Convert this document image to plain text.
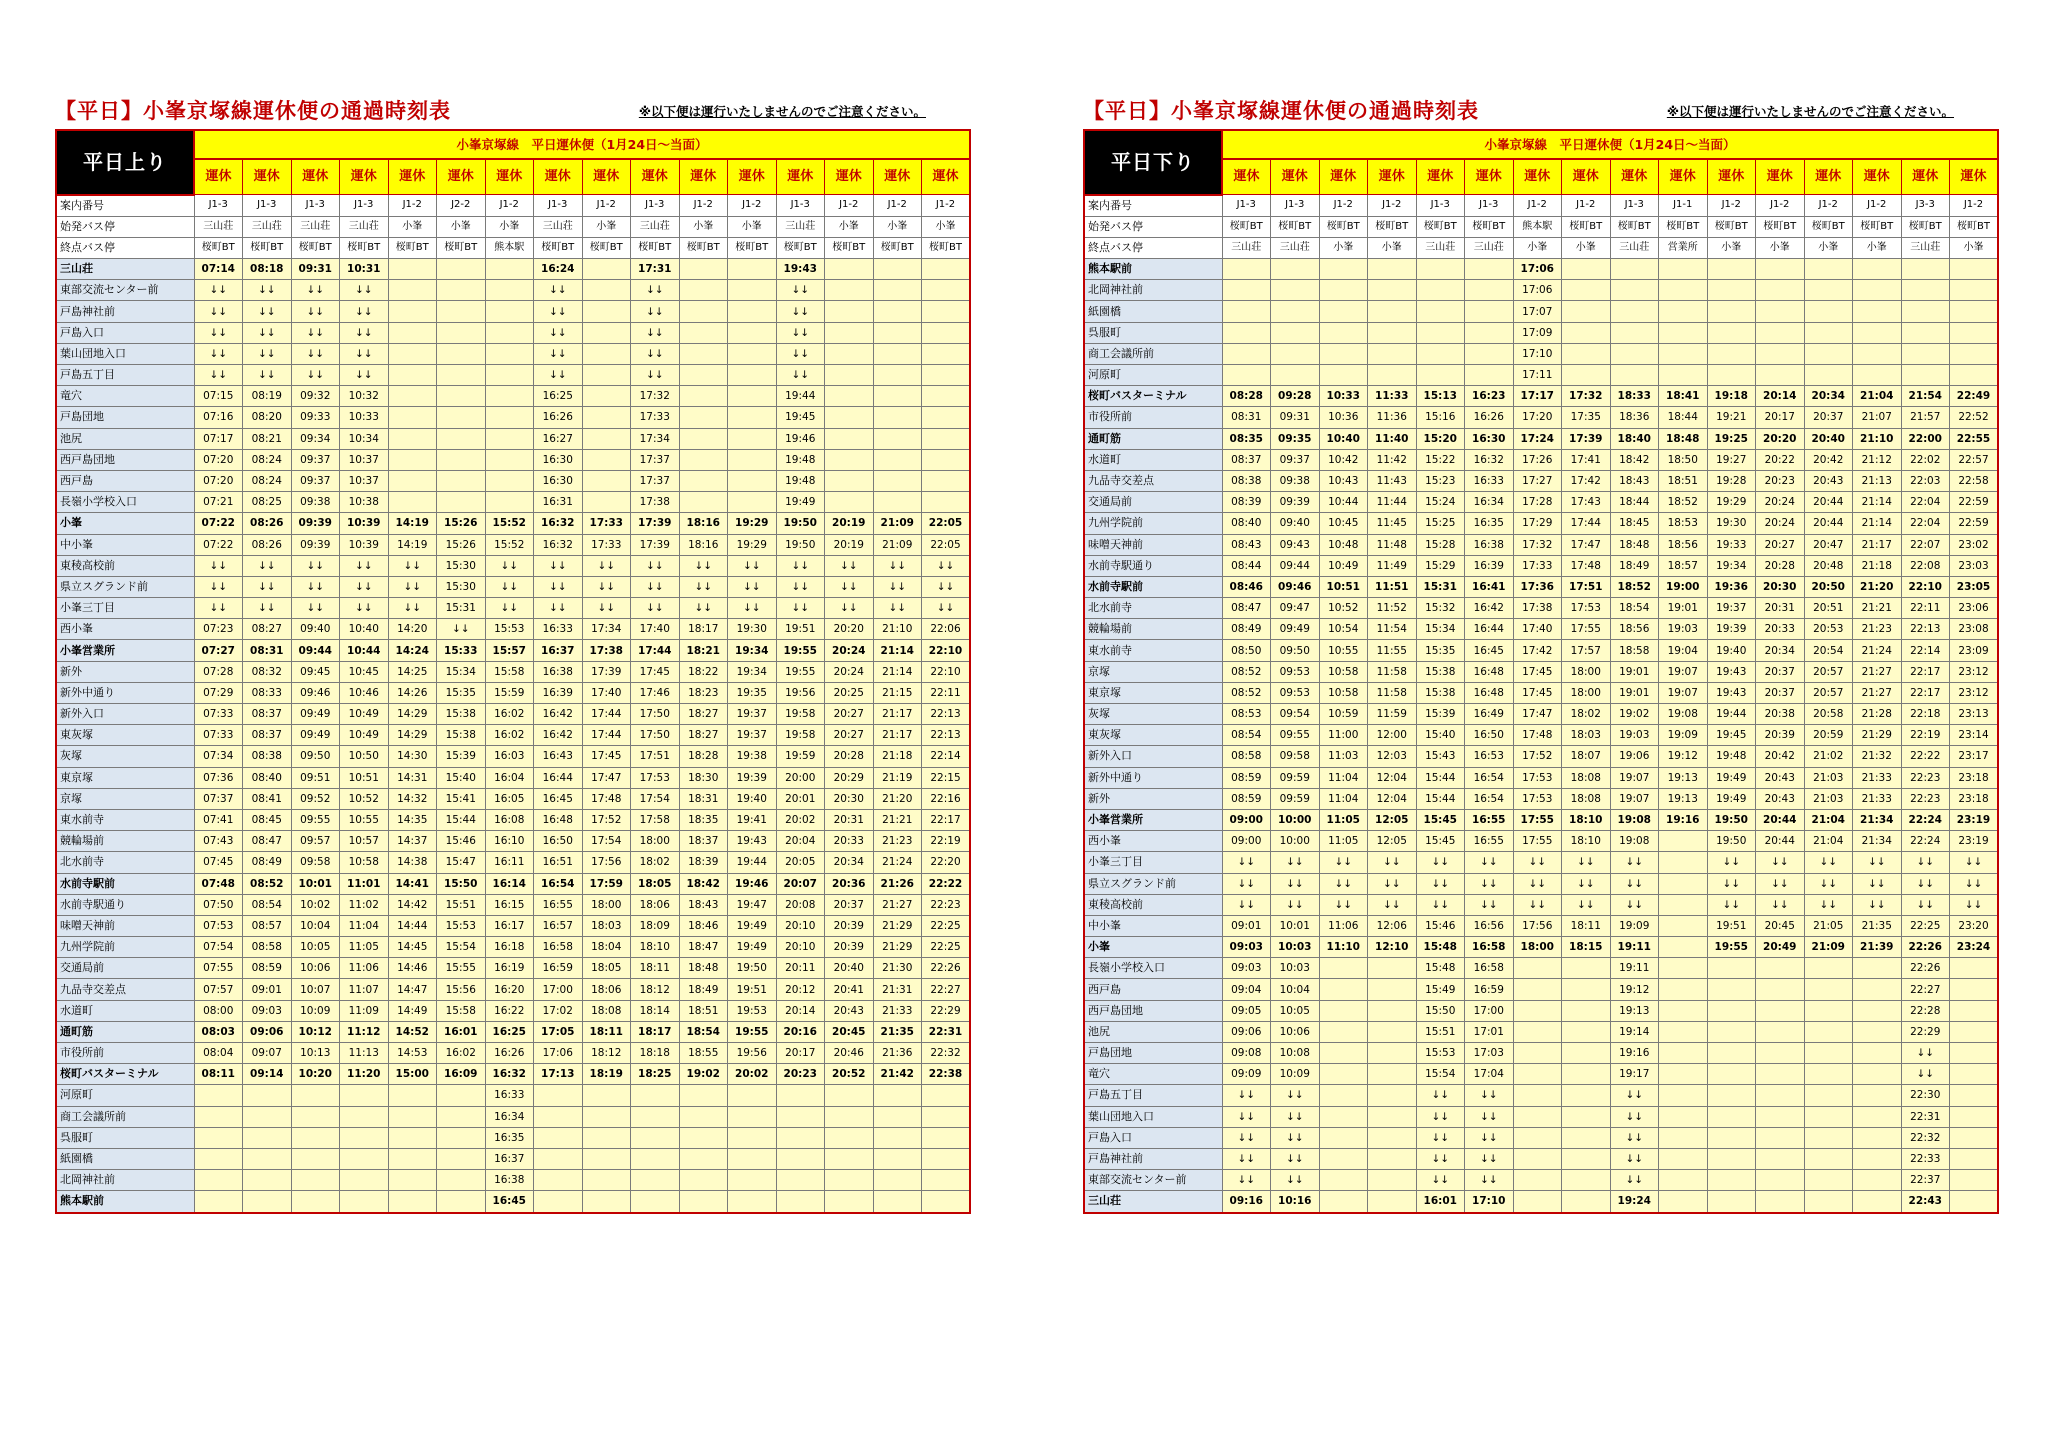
【平日】小峯京塚線運休便の通過時刻表	※以下便は運行いたしませんのでご注意ください。
平日上り	小峯京塚線　平日運休便（1月24日～当面）															
	運休	運休	運休	運休	運休	運休	運休	運休	運休	運休	運休	運休	運休	運休	運休	運休
案内番号	J1-3	J1-3	J1-3	J1-3	J1-2	J2-2	J1-2	J1-3	J1-2	J1-3	J1-2	J1-2	J1-3	J1-2	J1-2	J1-2
始発バス停	三山荘	三山荘	三山荘	三山荘	小峯	小峯	小峯	三山荘	小峯	三山荘	小峯	小峯	三山荘	小峯	小峯	小峯
終点バス停	桜町BT	桜町BT	桜町BT	桜町BT	桜町BT	桜町BT	熊本駅	桜町BT	桜町BT	桜町BT	桜町BT	桜町BT	桜町BT	桜町BT	桜町BT	桜町BT
三山荘	07:14	08:18	09:31	10:31				16:24		17:31			19:43			
東部交流センター前	↓↓	↓↓	↓↓	↓↓				↓↓		↓↓			↓↓			
戸島神社前	↓↓	↓↓	↓↓	↓↓				↓↓		↓↓			↓↓			
戸島入口	↓↓	↓↓	↓↓	↓↓				↓↓		↓↓			↓↓			
葉山団地入口	↓↓	↓↓	↓↓	↓↓				↓↓		↓↓			↓↓			
戸島五丁目	↓↓	↓↓	↓↓	↓↓				↓↓		↓↓			↓↓			
竜穴	07:15	08:19	09:32	10:32				16:25		17:32			19:44			
戸島団地	07:16	08:20	09:33	10:33				16:26		17:33			19:45			
池尻	07:17	08:21	09:34	10:34				16:27		17:34			19:46			
西戸島団地	07:20	08:24	09:37	10:37				16:30		17:37			19:48			
西戸島	07:20	08:24	09:37	10:37				16:30		17:37			19:48			
長嶺小学校入口	07:21	08:25	09:38	10:38				16:31		17:38			19:49			
小峯	07:22	08:26	09:39	10:39	14:19	15:26	15:52	16:32	17:33	17:39	18:16	19:29	19:50	20:19	21:09	22:05
中小峯	07:22	08:26	09:39	10:39	14:19	15:26	15:52	16:32	17:33	17:39	18:16	19:29	19:50	20:19	21:09	22:05
東稜高校前	↓↓	↓↓	↓↓	↓↓	↓↓	15:30	↓↓	↓↓	↓↓	↓↓	↓↓	↓↓	↓↓	↓↓	↓↓	↓↓
県立スグランド前	↓↓	↓↓	↓↓	↓↓	↓↓	15:30	↓↓	↓↓	↓↓	↓↓	↓↓	↓↓	↓↓	↓↓	↓↓	↓↓
小峯三丁目	↓↓	↓↓	↓↓	↓↓	↓↓	15:31	↓↓	↓↓	↓↓	↓↓	↓↓	↓↓	↓↓	↓↓	↓↓	↓↓
西小峯	07:23	08:27	09:40	10:40	14:20	↓↓	15:53	16:33	17:34	17:40	18:17	19:30	19:51	20:20	21:10	22:06
小峯営業所	07:27	08:31	09:44	10:44	14:24	15:33	15:57	16:37	17:38	17:44	18:21	19:34	19:55	20:24	21:14	22:10
新外	07:28	08:32	09:45	10:45	14:25	15:34	15:58	16:38	17:39	17:45	18:22	19:34	19:55	20:24	21:14	22:10
新外中通り	07:29	08:33	09:46	10:46	14:26	15:35	15:59	16:39	17:40	17:46	18:23	19:35	19:56	20:25	21:15	22:11
新外入口	07:33	08:37	09:49	10:49	14:29	15:38	16:02	16:42	17:44	17:50	18:27	19:37	19:58	20:27	21:17	22:13
東灰塚	07:33	08:37	09:49	10:49	14:29	15:38	16:02	16:42	17:44	17:50	18:27	19:37	19:58	20:27	21:17	22:13
灰塚	07:34	08:38	09:50	10:50	14:30	15:39	16:03	16:43	17:45	17:51	18:28	19:38	19:59	20:28	21:18	22:14
東京塚	07:36	08:40	09:51	10:51	14:31	15:40	16:04	16:44	17:47	17:53	18:30	19:39	20:00	20:29	21:19	22:15
京塚	07:37	08:41	09:52	10:52	14:32	15:41	16:05	16:45	17:48	17:54	18:31	19:40	20:01	20:30	21:20	22:16
東水前寺	07:41	08:45	09:55	10:55	14:35	15:44	16:08	16:48	17:52	17:58	18:35	19:41	20:02	20:31	21:21	22:17
競輪場前	07:43	08:47	09:57	10:57	14:37	15:46	16:10	16:50	17:54	18:00	18:37	19:43	20:04	20:33	21:23	22:19
北水前寺	07:45	08:49	09:58	10:58	14:38	15:47	16:11	16:51	17:56	18:02	18:39	19:44	20:05	20:34	21:24	22:20
水前寺駅前	07:48	08:52	10:01	11:01	14:41	15:50	16:14	16:54	17:59	18:05	18:42	19:46	20:07	20:36	21:26	22:22
水前寺駅通り	07:50	08:54	10:02	11:02	14:42	15:51	16:15	16:55	18:00	18:06	18:43	19:47	20:08	20:37	21:27	22:23
味噌天神前	07:53	08:57	10:04	11:04	14:44	15:53	16:17	16:57	18:03	18:09	18:46	19:49	20:10	20:39	21:29	22:25
九州学院前	07:54	08:58	10:05	11:05	14:45	15:54	16:18	16:58	18:04	18:10	18:47	19:49	20:10	20:39	21:29	22:25
交通局前	07:55	08:59	10:06	11:06	14:46	15:55	16:19	16:59	18:05	18:11	18:48	19:50	20:11	20:40	21:30	22:26
九品寺交差点	07:57	09:01	10:07	11:07	14:47	15:56	16:20	17:00	18:06	18:12	18:49	19:51	20:12	20:41	21:31	22:27
水道町	08:00	09:03	10:09	11:09	14:49	15:58	16:22	17:02	18:08	18:14	18:51	19:53	20:14	20:43	21:33	22:29
通町筋	08:03	09:06	10:12	11:12	14:52	16:01	16:25	17:05	18:11	18:17	18:54	19:55	20:16	20:45	21:35	22:31
市役所前	08:04	09:07	10:13	11:13	14:53	16:02	16:26	17:06	18:12	18:18	18:55	19:56	20:17	20:46	21:36	22:32
桜町バスターミナル	08:11	09:14	10:20	11:20	15:00	16:09	16:32	17:13	18:19	18:25	19:02	20:02	20:23	20:52	21:42	22:38
河原町							16:33									
商工会議所前							16:34									
呉服町							16:35									
紙園橋							16:37									
北岡神社前							16:38									
熊本駅前							16:45									
【平日】小峯京塚線運休便の通過時刻表	※以下便は運行いたしませんのでご注意ください。
平日下り	小峯京塚線　平日運休便（1月24日～当面）															
	運休	運休	運休	運休	運休	運休	運休	運休	運休	運休	運休	運休	運休	運休	運休	運休
案内番号	J1-3	J1-3	J1-2	J1-2	J1-3	J1-3	J1-2	J1-2	J1-3	J1-1	J1-2	J1-2	J1-2	J1-2	J3-3	J1-2
始発バス停	桜町BT	桜町BT	桜町BT	桜町BT	桜町BT	桜町BT	熊本駅	桜町BT	桜町BT	桜町BT	桜町BT	桜町BT	桜町BT	桜町BT	桜町BT	桜町BT
終点バス停	三山荘	三山荘	小峯	小峯	三山荘	三山荘	小峯	小峯	三山荘	営業所	小峯	小峯	小峯	小峯	三山荘	小峯
熊本駅前							17:06									
北岡神社前							17:06									
紙園橋							17:07									
呉服町							17:09									
商工会議所前							17:10									
河原町							17:11									
桜町バスターミナル	08:28	09:28	10:33	11:33	15:13	16:23	17:17	17:32	18:33	18:41	19:18	20:14	20:34	21:04	21:54	22:49
市役所前	08:31	09:31	10:36	11:36	15:16	16:26	17:20	17:35	18:36	18:44	19:21	20:17	20:37	21:07	21:57	22:52
通町筋	08:35	09:35	10:40	11:40	15:20	16:30	17:24	17:39	18:40	18:48	19:25	20:20	20:40	21:10	22:00	22:55
水道町	08:37	09:37	10:42	11:42	15:22	16:32	17:26	17:41	18:42	18:50	19:27	20:22	20:42	21:12	22:02	22:57
九品寺交差点	08:38	09:38	10:43	11:43	15:23	16:33	17:27	17:42	18:43	18:51	19:28	20:23	20:43	21:13	22:03	22:58
交通局前	08:39	09:39	10:44	11:44	15:24	16:34	17:28	17:43	18:44	18:52	19:29	20:24	20:44	21:14	22:04	22:59
九州学院前	08:40	09:40	10:45	11:45	15:25	16:35	17:29	17:44	18:45	18:53	19:30	20:24	20:44	21:14	22:04	22:59
味噌天神前	08:43	09:43	10:48	11:48	15:28	16:38	17:32	17:47	18:48	18:56	19:33	20:27	20:47	21:17	22:07	23:02
水前寺駅通り	08:44	09:44	10:49	11:49	15:29	16:39	17:33	17:48	18:49	18:57	19:34	20:28	20:48	21:18	22:08	23:03
水前寺駅前	08:46	09:46	10:51	11:51	15:31	16:41	17:36	17:51	18:52	19:00	19:36	20:30	20:50	21:20	22:10	23:05
北水前寺	08:47	09:47	10:52	11:52	15:32	16:42	17:38	17:53	18:54	19:01	19:37	20:31	20:51	21:21	22:11	23:06
競輪場前	08:49	09:49	10:54	11:54	15:34	16:44	17:40	17:55	18:56	19:03	19:39	20:33	20:53	21:23	22:13	23:08
東水前寺	08:50	09:50	10:55	11:55	15:35	16:45	17:42	17:57	18:58	19:04	19:40	20:34	20:54	21:24	22:14	23:09
京塚	08:52	09:53	10:58	11:58	15:38	16:48	17:45	18:00	19:01	19:07	19:43	20:37	20:57	21:27	22:17	23:12
東京塚	08:52	09:53	10:58	11:58	15:38	16:48	17:45	18:00	19:01	19:07	19:43	20:37	20:57	21:27	22:17	23:12
灰塚	08:53	09:54	10:59	11:59	15:39	16:49	17:47	18:02	19:02	19:08	19:44	20:38	20:58	21:28	22:18	23:13
東灰塚	08:54	09:55	11:00	12:00	15:40	16:50	17:48	18:03	19:03	19:09	19:45	20:39	20:59	21:29	22:19	23:14
新外入口	08:58	09:58	11:03	12:03	15:43	16:53	17:52	18:07	19:06	19:12	19:48	20:42	21:02	21:32	22:22	23:17
新外中通り	08:59	09:59	11:04	12:04	15:44	16:54	17:53	18:08	19:07	19:13	19:49	20:43	21:03	21:33	22:23	23:18
新外	08:59	09:59	11:04	12:04	15:44	16:54	17:53	18:08	19:07	19:13	19:49	20:43	21:03	21:33	22:23	23:18
小峯営業所	09:00	10:00	11:05	12:05	15:45	16:55	17:55	18:10	19:08	19:16	19:50	20:44	21:04	21:34	22:24	23:19
西小峯	09:00	10:00	11:05	12:05	15:45	16:55	17:55	18:10	19:08		19:50	20:44	21:04	21:34	22:24	23:19
小峯三丁目	↓↓	↓↓	↓↓	↓↓	↓↓	↓↓	↓↓	↓↓	↓↓		↓↓	↓↓	↓↓	↓↓	↓↓	↓↓
県立スグランド前	↓↓	↓↓	↓↓	↓↓	↓↓	↓↓	↓↓	↓↓	↓↓		↓↓	↓↓	↓↓	↓↓	↓↓	↓↓
東稜高校前	↓↓	↓↓	↓↓	↓↓	↓↓	↓↓	↓↓	↓↓	↓↓		↓↓	↓↓	↓↓	↓↓	↓↓	↓↓
中小峯	09:01	10:01	11:06	12:06	15:46	16:56	17:56	18:11	19:09		19:51	20:45	21:05	21:35	22:25	23:20
小峯	09:03	10:03	11:10	12:10	15:48	16:58	18:00	18:15	19:11		19:55	20:49	21:09	21:39	22:26	23:24
長嶺小学校入口	09:03	10:03			15:48	16:58			19:11						22:26	
西戸島	09:04	10:04			15:49	16:59			19:12						22:27	
西戸島団地	09:05	10:05			15:50	17:00			19:13						22:28	
池尻	09:06	10:06			15:51	17:01			19:14						22:29	
戸島団地	09:08	10:08			15:53	17:03			19:16						↓↓	
竜穴	09:09	10:09			15:54	17:04			19:17						↓↓	
戸島五丁目	↓↓	↓↓			↓↓	↓↓			↓↓						22:30	
葉山団地入口	↓↓	↓↓			↓↓	↓↓			↓↓						22:31	
戸島入口	↓↓	↓↓			↓↓	↓↓			↓↓						22:32	
戸島神社前	↓↓	↓↓			↓↓	↓↓			↓↓						22:33	
東部交流センター前	↓↓	↓↓			↓↓	↓↓			↓↓						22:37	
三山荘	09:16	10:16			16:01	17:10			19:24						22:43	
